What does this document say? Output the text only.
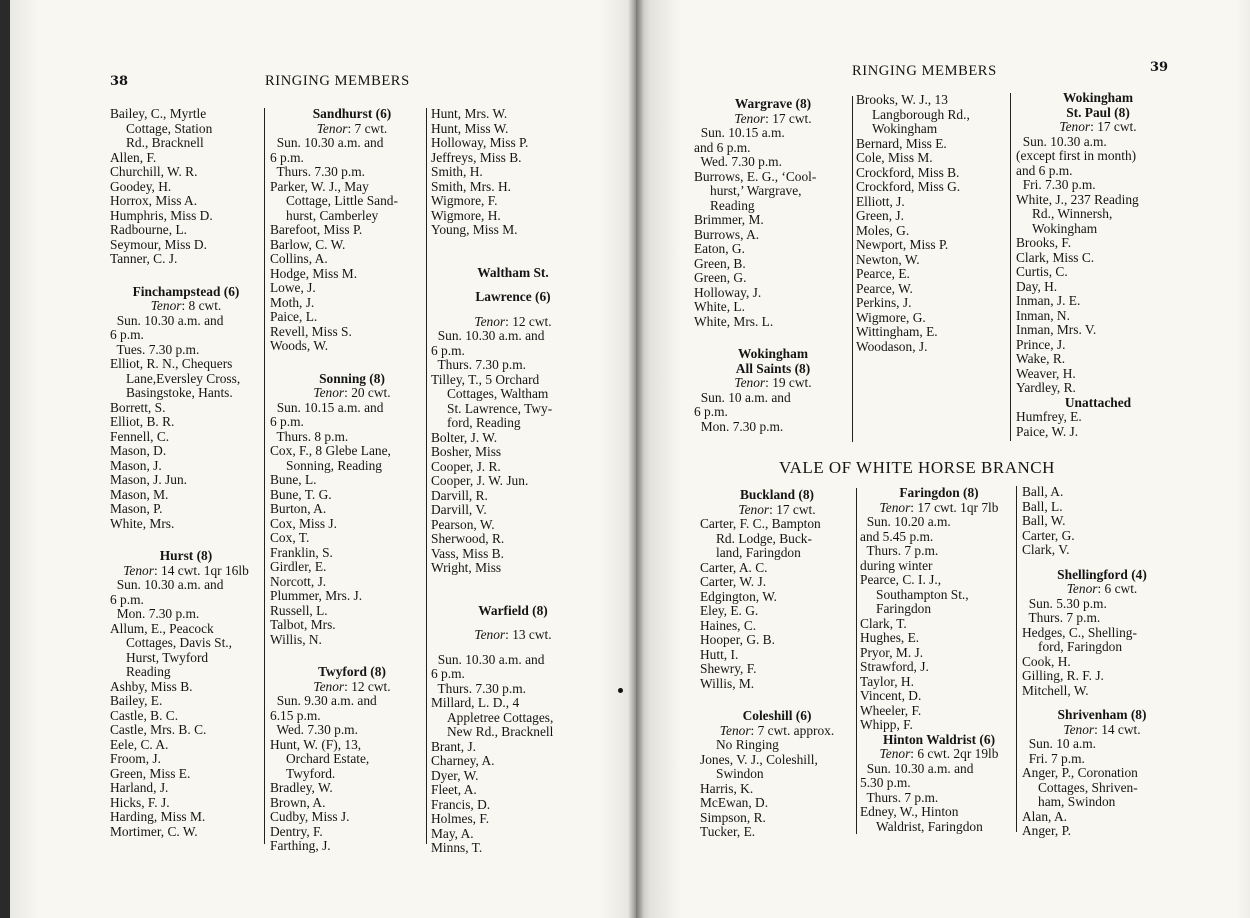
38	RINGING MEMBERS
Bailey, C., Myrtle
Cottage, Station
Rd., Bracknell
Allen, F.
Churchill, W. R.
Goodey, H.
Horrox, Miss A.
Humphris, Miss D.
Radbourne, L.
Seymour, Miss D.
Tanner, C. J.
Finchampstead (6)
Tenor: 8 cwt.
Sun. 10.30 a.m. and
6 p.m.
Tues. 7.30 p.m.
Elliot, R. N., Chequers
Lane,Eversley Cross,
Basingstoke, Hants.
Borrett, S.
Elliot, B. R.
Fennell, C.
Mason, D.
Mason, J.
Mason, J. Jun.
Mason, M.
Mason, P.
White, Mrs.
Hurst (8)
Tenor: 14 cwt. 1qr 16lb
Sun. 10.30 a.m. and
6 p.m.
Mon. 7.30 p.m.
Allum, E., Peacock
Cottages, Davis St.,
Hurst, Twyford
Reading
Ashby, Miss B.
Bailey, E.
Castle, B. C.
Castle, Mrs. B. C.
Eele, C. A.
Froom, J.
Green, Miss E.
Harland, J.
Hicks, F. J.
Harding, Miss M.
Mortimer, C. W.
Sandhurst (6)
Tenor: 7 cwt.
Sun. 10.30 a.m. and
6 p.m.
Thurs. 7.30 p.m.
Parker, W. J., May
Cottage, Little Sand-
hurst, Camberley
Barefoot, Miss P.
Barlow, C. W.
Collins, A.
Hodge, Miss M.
Lowe, J.
Moth, J.
Paice, L.
Revell, Miss S.
Woods, W.
Sonning (8)
Tenor: 20 cwt.
Sun. 10.15 a.m. and
6 p.m.
Thurs. 8 p.m.
Cox, F., 8 Glebe Lane,
Sonning, Reading
Bune, L.
Bune, T. G.
Burton, A.
Cox, Miss J.
Cox, T.
Franklin, S.
Girdler, E.
Norcott, J.
Plummer, Mrs. J.
Russell, L.
Talbot, Mrs.
Willis, N.
Twyford (8)
Tenor: 12 cwt.
Sun. 9.30 a.m. and
6.15 p.m.
Wed. 7.30 p.m.
Hunt, W. (F), 13,
Orchard Estate,
Twyford.
Bradley, W.
Brown, A.
Cudby, Miss J.
Dentry, F.
Farthing, J.
Hunt, Mrs. W.
Hunt, Miss W.
Holloway, Miss P.
Jeffreys, Miss B.
Smith, H.
Smith, Mrs. H.
Wigmore, F.
Wigmore, H.
Young, Miss M.
Waltham St.
Lawrence (6)
Tenor: 12 cwt.
Sun. 10.30 a.m. and
6 p.m.
Thurs. 7.30 p.m.
Tilley, T., 5 Orchard
Cottages, Waltham
St. Lawrence, Twy-
ford, Reading
Bolter, J. W.
Bosher, Miss
Cooper, J. R.
Cooper, J. W. Jun.
Darvill, R.
Darvill, V.
Pearson, W.
Sherwood, R.
Vass, Miss B.
Wright, Miss
Warfield (8)
Tenor: 13 cwt.
Sun. 10.30 a.m. and
6 p.m.
Thurs. 7.30 p.m.
Millard, L. D., 4
Appletree Cottages,
New Rd., Bracknell
Brant, J.
Charney, A.
Dyer, W.
Fleet, A.
Francis, D.
Holmes, F.
May, A.
Minns, T.
RINGING MEMBERS	39
Wargrave (8)
Tenor: 17 cwt.
Sun. 10.15 a.m.
and 6 p.m.
Wed. 7.30 p.m.
Burrows, E. G., ‘Cool-
hurst,’ Wargrave,
Reading
Brimmer, M.
Burrows, A.
Eaton, G.
Green, B.
Green, G.
Holloway, J.
White, L.
White, Mrs. L.
Wokingham
All Saints (8)
Tenor: 19 cwt.
Sun. 10 a.m. and
6 p.m.
Mon. 7.30 p.m.
Brooks, W. J., 13
Langborough Rd.,
Wokingham
Bernard, Miss E.
Cole, Miss M.
Crockford, Miss B.
Crockford, Miss G.
Elliott, J.
Green, J.
Moles, G.
Newport, Miss P.
Newton, W.
Pearce, E.
Pearce, W.
Perkins, J.
Wigmore, G.
Wittingham, E.
Woodason, J.
Wokingham
St. Paul (8)
Tenor: 17 cwt.
Sun. 10.30 a.m.
(except first in month)
and 6 p.m.
Fri. 7.30 p.m.
White, J., 237 Reading
Rd., Winnersh,
Wokingham
Brooks, F.
Clark, Miss C.
Curtis, C.
Day, H.
Inman, J. E.
Inman, N.
Inman, Mrs. V.
Prince, J.
Wake, R.
Weaver, H.
Yardley, R.
Unattached
Humfrey, E.
Paice, W. J.
VALE OF WHITE HORSE BRANCH
Buckland (8)
Tenor: 17 cwt.
Carter, F. C., Bampton
Rd. Lodge, Buck-
land, Faringdon
Carter, A. C.
Carter, W. J.
Edgington, W.
Eley, E. G.
Haines, C.
Hooper, G. B.
Hutt, I.
Shewry, F.
Willis, M.
Coleshill (6)
Tenor: 7 cwt. approx.
No Ringing
Jones, V. J., Coleshill,
Swindon
Harris, K.
McEwan, D.
Simpson, R.
Tucker, E.
Faringdon (8)
Tenor: 17 cwt. 1qr 7lb
Sun. 10.20 a.m.
and 5.45 p.m.
Thurs. 7 p.m.
during winter
Pearce, C. I. J.,
Southampton St.,
Faringdon
Clark, T.
Hughes, E.
Pryor, M. J.
Strawford, J.
Taylor, H.
Vincent, D.
Wheeler, F.
Whipp, F.
Hinton Waldrist (6)
Tenor: 6 cwt. 2qr 19lb
Sun. 10.30 a.m. and
5.30 p.m.
Thurs. 7 p.m.
Edney, W., Hinton
Waldrist, Faringdon
Ball, A.
Ball, L.
Ball, W.
Carter, G.
Clark, V.
Shellingford (4)
Tenor: 6 cwt.
Sun. 5.30 p.m.
Thurs. 7 p.m.
Hedges, C., Shelling-
ford, Faringdon
Cook, H.
Gilling, R. F. J.
Mitchell, W.
Shrivenham (8)
Tenor: 14 cwt.
Sun. 10 a.m.
Fri. 7 p.m.
Anger, P., Coronation
Cottages, Shriven-
ham, Swindon
Alan, A.
Anger, P.
